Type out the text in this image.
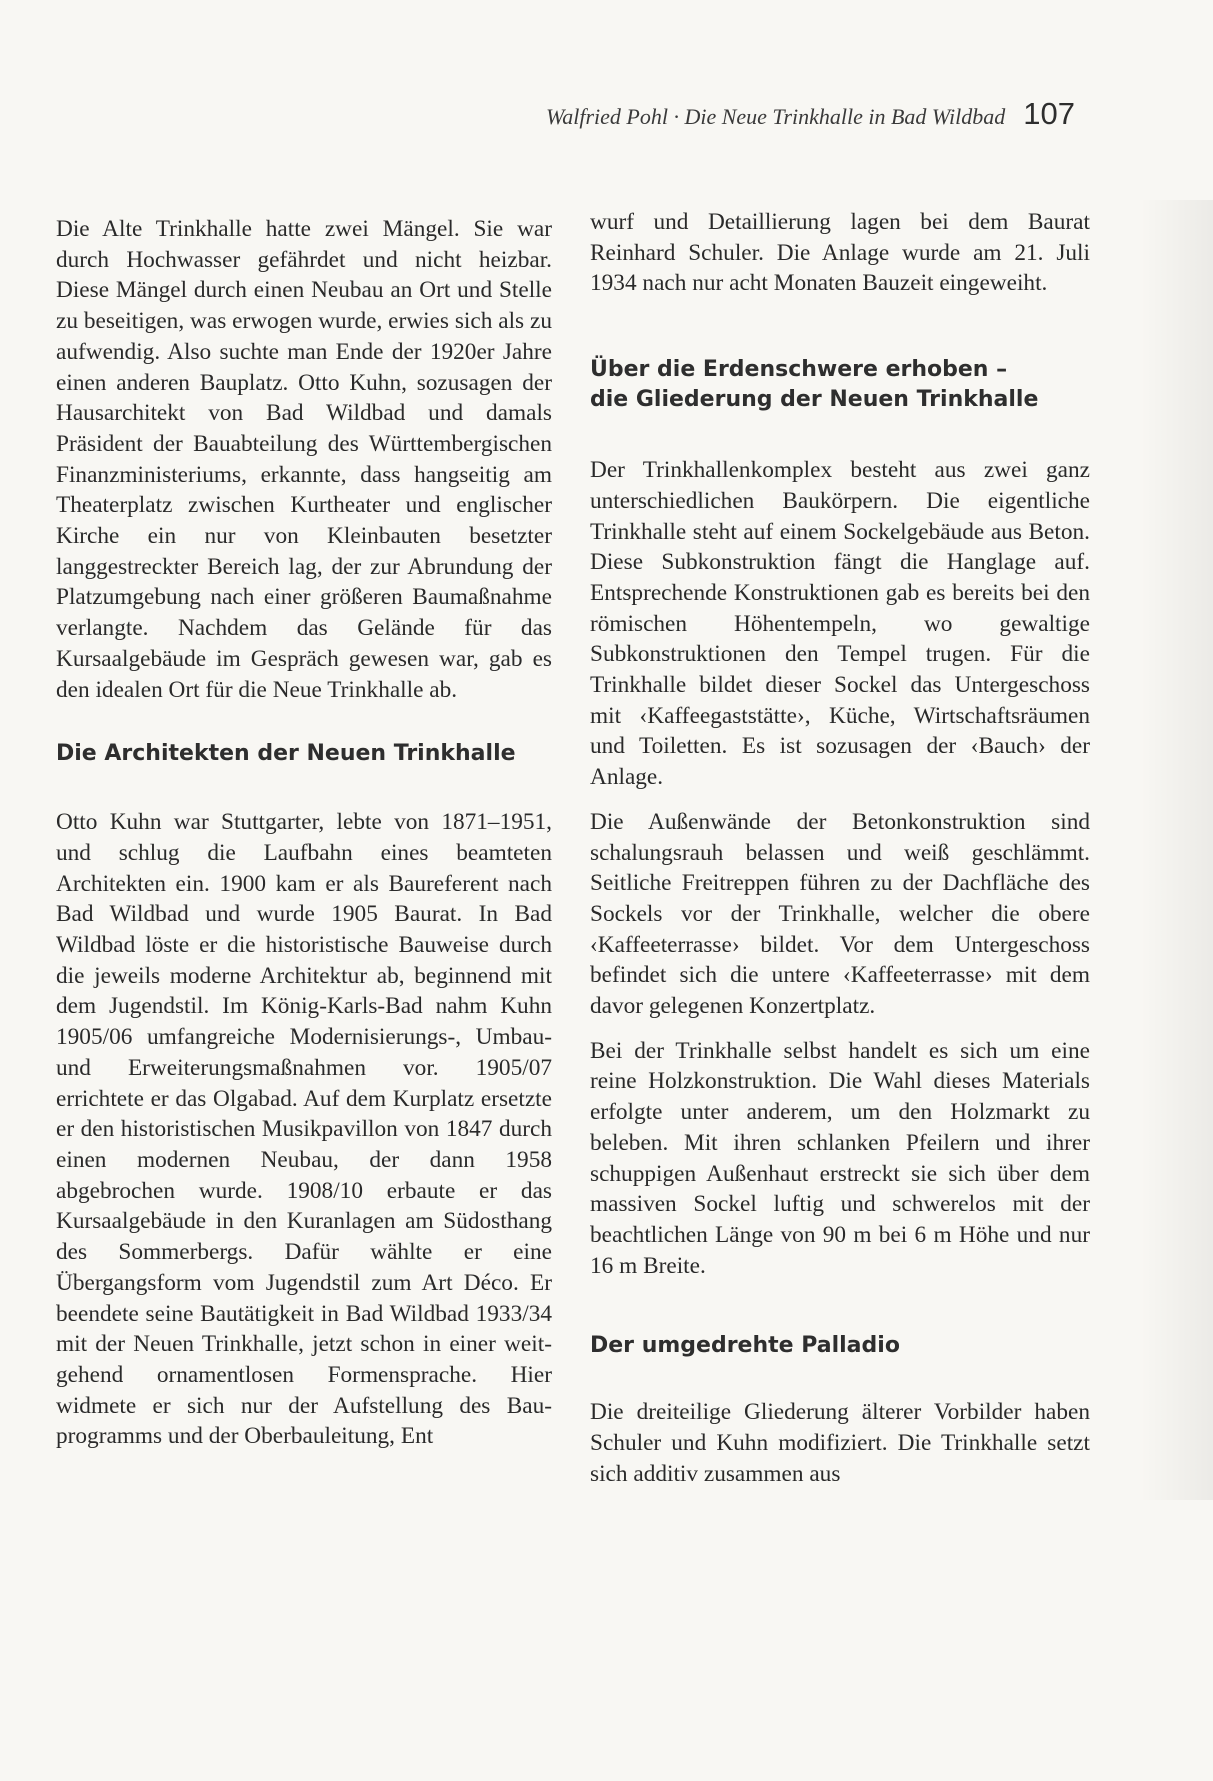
Walfried Pohl · Die Neue Trinkhalle in Bad Wildbad 107

Die Alte Trinkhalle hatte zwei Mängel. Sie war durch Hochwasser gefährdet und nicht heizbar. Diese Mängel durch einen Neubau an Ort und Stelle zu beseitigen, was erwogen wurde, erwies sich als zu aufwendig. Also suchte man Ende der 1920er Jahre einen anderen Bauplatz. Otto Kuhn, sozusagen der Hausarchitekt von Bad Wildbad und damals Präsident der Bauabteilung des Württembergischen Finanzministeriums, erkannte, dass hangseitig am Theaterplatz zwischen Kurtheater und englischer Kirche ein nur von Kleinbauten besetzter langgestreckter Bereich lag, der zur Abrundung der Platzumgebung nach einer größeren Baumaßnahme verlangte. Nachdem das Gelände für das Kursaalgebäude im Gespräch gewesen war, gab es den idealen Ort für die Neue Trinkhalle ab.

Die Architekten der Neuen Trinkhalle

Otto Kuhn war Stuttgarter, lebte von 1871–1951, und schlug die Laufbahn eines beamteten Architekten ein. 1900 kam er als Baureferent nach Bad Wildbad und wurde 1905 Baurat. In Bad Wildbad löste er die historistische Bauweise durch die jeweils moderne Architektur ab, beginnend mit dem Jugendstil. Im König-Karls-Bad nahm Kuhn 1905/06 umfangreiche Modernisierungs-, Umbau- und Erweiterungsmaßnahmen vor. 1905/07 errichtete er das Olgabad. Auf dem Kurplatz ersetzte er den historistischen Musikpavillon von 1847 durch einen modernen Neubau, der dann 1958 abgebrochen wurde. 1908/10 erbaute er das Kursaalgebäude in den Kuranlagen am Südosthang des Sommerbergs. Dafür wählte er eine Übergangsform vom Jugendstil zum Art Déco. Er beendete seine Bautätigkeit in Bad Wildbad 1933/34 mit der Neuen Trinkhalle, jetzt schon in einer weitgehend ornamentlosen Formensprache. Hier widmete er sich nur der Aufstellung des Bauprogramms und der Oberbauleitung, Ent

wurf und Detaillierung lagen bei dem Baurat Reinhard Schuler. Die Anlage wurde am 21. Juli 1934 nach nur acht Monaten Bauzeit eingeweiht.

Über die Erdenschwere erhoben –
die Gliederung der Neuen Trinkhalle

Der Trinkhallenkomplex besteht aus zwei ganz unterschiedlichen Baukörpern. Die eigentliche Trinkhalle steht auf einem Sockelgebäude aus Beton. Diese Subkonstruktion fängt die Hanglage auf. Entsprechende Konstruktionen gab es bereits bei den römischen Höhentempeln, wo gewaltige Subkonstruktionen den Tempel trugen. Für die Trinkhalle bildet dieser Sockel das Untergeschoss mit ‹Kaffeegaststätte›, Küche, Wirtschaftsräumen und Toiletten. Es ist sozusagen der ‹Bauch› der Anlage.

Die Außenwände der Betonkonstruktion sind schalungsrauh belassen und weiß geschlämmt. Seitliche Freitreppen führen zu der Dachfläche des Sockels vor der Trinkhalle, welcher die obere ‹Kaffeeterrasse› bildet. Vor dem Untergeschoss befindet sich die untere ‹Kaffeeterrasse› mit dem davor gelegenen Konzertplatz.

Bei der Trinkhalle selbst handelt es sich um eine reine Holzkonstruktion. Die Wahl dieses Materials erfolgte unter anderem, um den Holzmarkt zu beleben. Mit ihren schlanken Pfeilern und ihrer schuppigen Außenhaut erstreckt sie sich über dem massiven Sockel luftig und schwerelos mit der beachtlichen Länge von 90 m bei 6 m Höhe und nur 16 m Breite.

Der umgedrehte Palladio

Die dreiteilige Gliederung älterer Vorbilder haben Schuler und Kuhn modifiziert. Die Trinkhalle setzt sich additiv zusammen aus
